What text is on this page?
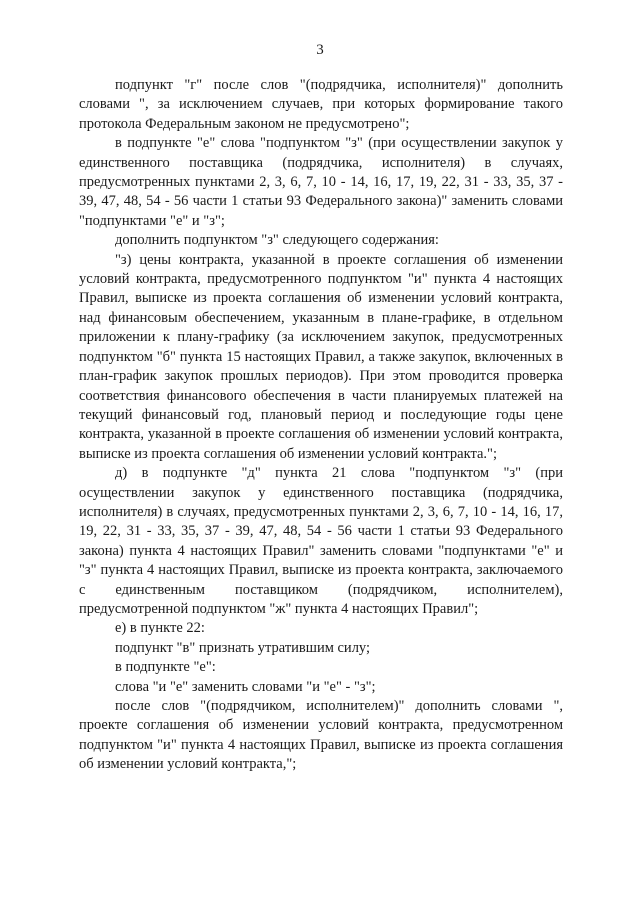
3

подпункт "г" после слов "(подрядчика, исполнителя)" дополнить словами ", за исключением случаев, при которых формирование такого протокола Федеральным законом не предусмотрено";

в подпункте "е" слова "подпунктом "з" (при осуществлении закупок у единственного поставщика (подрядчика, исполнителя) в случаях, предусмотренных пунктами 2, 3, 6, 7, 10 - 14, 16, 17, 19, 22, 31 - 33, 35, 37 - 39, 47, 48, 54 - 56 части 1 статьи 93 Федерального закона)" заменить словами "подпунктами "е" и "з";

дополнить подпунктом "з" следующего содержания:

"з) цены контракта, указанной в проекте соглашения об изменении условий контракта, предусмотренного подпунктом "и" пункта 4 настоящих Правил, выписке из проекта соглашения об изменении условий контракта, над финансовым обеспечением, указанным в плане-графике, в отдельном приложении к плану-графику (за исключением закупок, предусмотренных подпунктом "б" пункта 15 настоящих Правил, а также закупок, включенных в план-график закупок прошлых периодов). При этом проводится проверка соответствия финансового обеспечения в части планируемых платежей на текущий финансовый год, плановый период и последующие годы цене контракта, указанной в проекте соглашения об изменении условий контракта, выписке из проекта соглашения об изменении условий контракта.";

д) в подпункте "д" пункта 21 слова "подпунктом "з" (при осуществлении закупок у единственного поставщика (подрядчика, исполнителя) в случаях, предусмотренных пунктами 2, 3, 6, 7, 10 - 14, 16, 17, 19, 22, 31 - 33, 35, 37 - 39, 47, 48, 54 - 56 части 1 статьи 93 Федерального закона) пункта 4 настоящих Правил" заменить словами "подпунктами "е" и "з" пункта 4 настоящих Правил, выписке из проекта контракта, заключаемого с единственным поставщиком (подрядчиком, исполнителем), предусмотренной подпунктом "ж" пункта 4 настоящих Правил";

е) в пункте 22:

подпункт "в" признать утратившим силу;

в подпункте "е":

слова "и "е" заменить словами "и "е" - "з";

после слов "(подрядчиком, исполнителем)" дополнить словами ", проекте соглашения об изменении условий контракта, предусмотренном подпунктом "и" пункта 4 настоящих Правил, выписке из проекта соглашения об изменении условий контракта,";
